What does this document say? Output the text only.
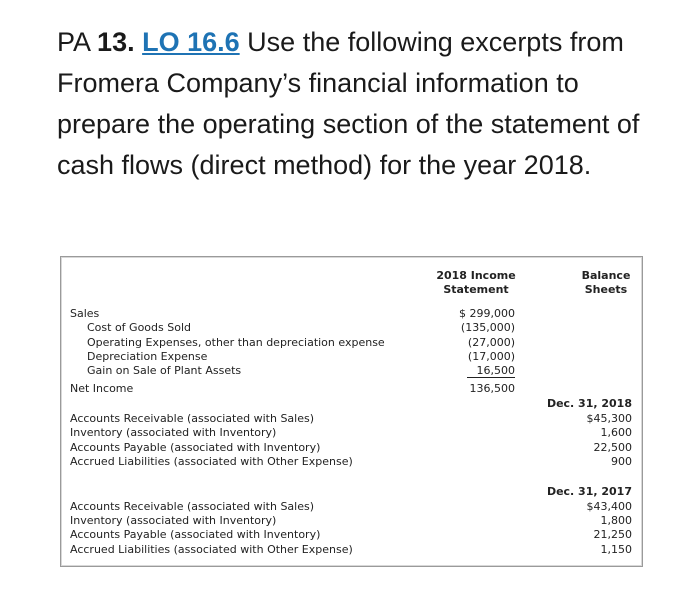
PA 13. LO 16.6 Use the following excerpts from Fromera Company’s financial information to prepare the operating section of the statement of cash flows (direct method) for the year 2018.
2018 Income Statement
Balance Sheets
Sales	$ 299,000
Cost of Goods Sold	(135,000)
Operating Expenses, other than depreciation expense	(27,000)
Depreciation Expense	(17,000)
Gain on Sale of Plant Assets	16,500
Net Income	136,500
Dec. 31, 2018
Accounts Receivable (associated with Sales)	$45,300
Inventory (associated with Inventory)	1,600
Accounts Payable (associated with Inventory)	22,500
Accrued Liabilities (associated with Other Expense)	900
Dec. 31, 2017
Accounts Receivable (associated with Sales)	$43,400
Inventory (associated with Inventory)	1,800
Accounts Payable (associated with Inventory)	21,250
Accrued Liabilities (associated with Other Expense)	1,150
